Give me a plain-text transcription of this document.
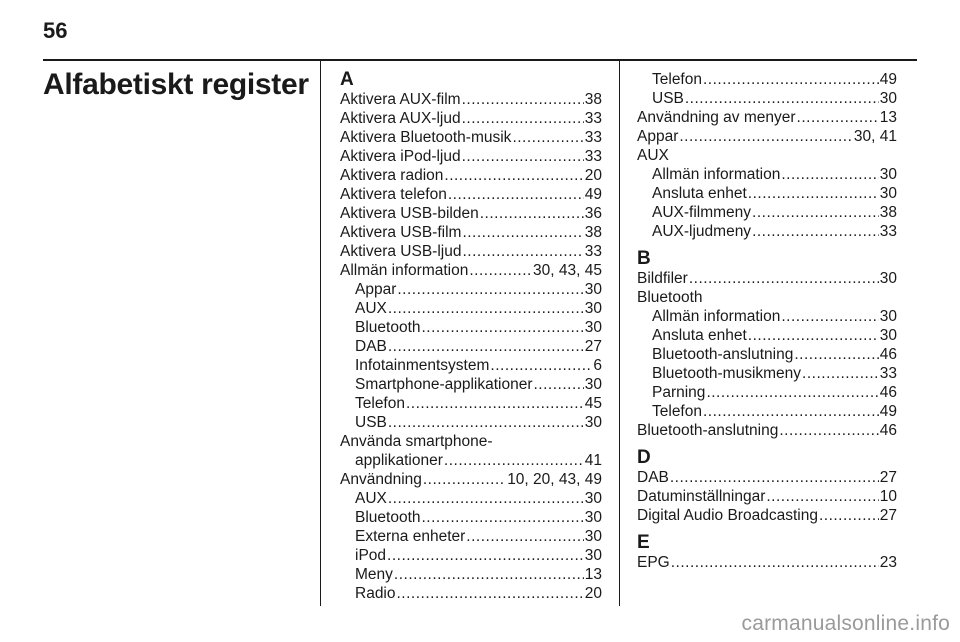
56
Alfabetiskt register A
Aktivera AUX-film .....	38
Aktivera AUX-ljud .....	33
Aktivera Bluetooth-musik .....	33
Aktivera iPod-ljud .....	33
Aktivera radion .....	20
Aktivera telefon .....	49
Aktivera USB-bilden .....	36
Aktivera USB-film .....	38
Aktivera USB-ljud .....	33
Allmän information .....	30, 43, 45
Appar .....	30
AUX .....	30
Bluetooth .....	30
DAB .....	27
Infotainmentsystem .....	6
Smartphone-applikationer .....	30
Telefon .....	45
USB .....	30
Använda smartphone-
applikationer .....	41
Användning .....	10, 20, 43, 49
AUX .....	30
Bluetooth .....	30
Externa enheter .....	30
iPod .....	30
Meny .....	13
Radio .....	20
Telefon .....	49
USB .....	30
Användning av menyer .....	13
Appar .....	30, 41
AUX
Allmän information .....	30
Ansluta enhet .....	30
AUX-filmmeny .....	38
AUX-ljudmeny .....	33
B
Bildfiler .....	30
Bluetooth
Allmän information .....	30
Ansluta enhet .....	30
Bluetooth-anslutning .....	46
Bluetooth-musikmeny .....	33
Parning .....	46
Telefon .....	49
Bluetooth-anslutning .....	46
D
DAB .....	27
Datuminställningar .....	10
Digital Audio Broadcasting .....	27
E
EPG .....	23
carmanualsonline.info
